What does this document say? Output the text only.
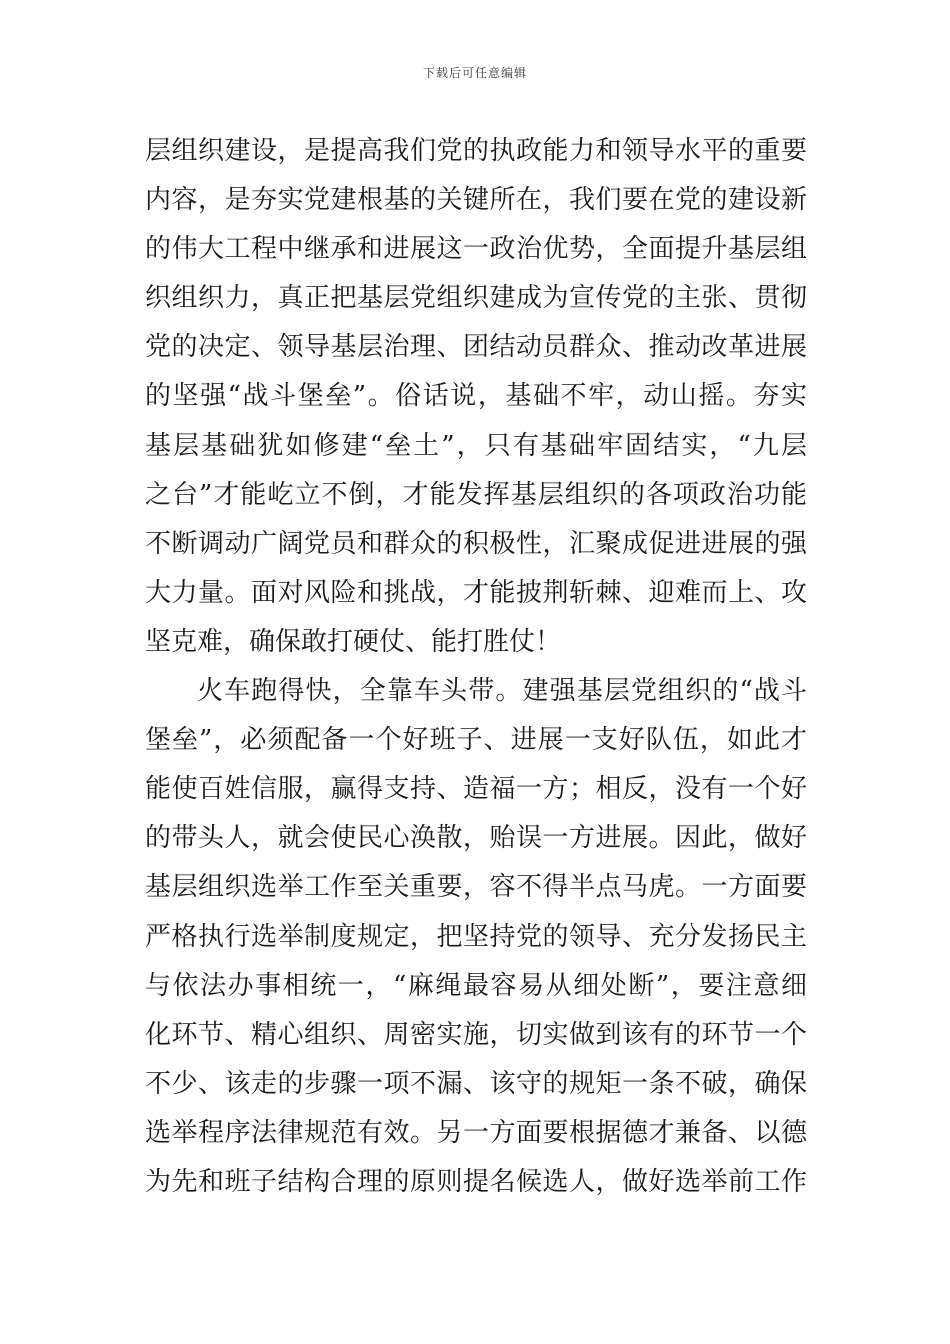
下载后可任意编辑
层组织建设，是提高我们党的执政能力和领导水平的重要
内容，是夯实党建根基的关键所在，我们要在党的建设新
的伟大工程中继承和进展这一政治优势，全面提升基层组
织组织力，真正把基层党组织建成为宣传党的主张、贯彻
党的决定、领导基层治理、团结动员群众、推动改革进展
的坚强“战斗堡垒”。俗话说，基础不牢，动山摇。夯实
基层基础犹如修建“垒土”，只有基础牢固结实，“九层
之台”才能屹立不倒，才能发挥基层组织的各项政治功能
不断调动广阔党员和群众的积极性，汇聚成促进进展的强
大力量。面对风险和挑战，才能披荆斩棘、迎难而上、攻
坚克难，确保敢打硬仗、能打胜仗！
火车跑得快，全靠车头带。建强基层党组织的“战斗
堡垒”，必须配备一个好班子、进展一支好队伍，如此才
能使百姓信服，赢得支持、造福一方；相反，没有一个好
的带头人，就会使民心涣散，贻误一方进展。因此，做好
基层组织选举工作至关重要，容不得半点马虎。一方面要
严格执行选举制度规定，把坚持党的领导、充分发扬民主
与依法办事相统一，“麻绳最容易从细处断”，要注意细
化环节、精心组织、周密实施，切实做到该有的环节一个
不少、该走的步骤一项不漏、该守的规矩一条不破，确保
选举程序法律规范有效。另一方面要根据德才兼备、以德
为先和班子结构合理的原则提名候选人，做好选举前工作
